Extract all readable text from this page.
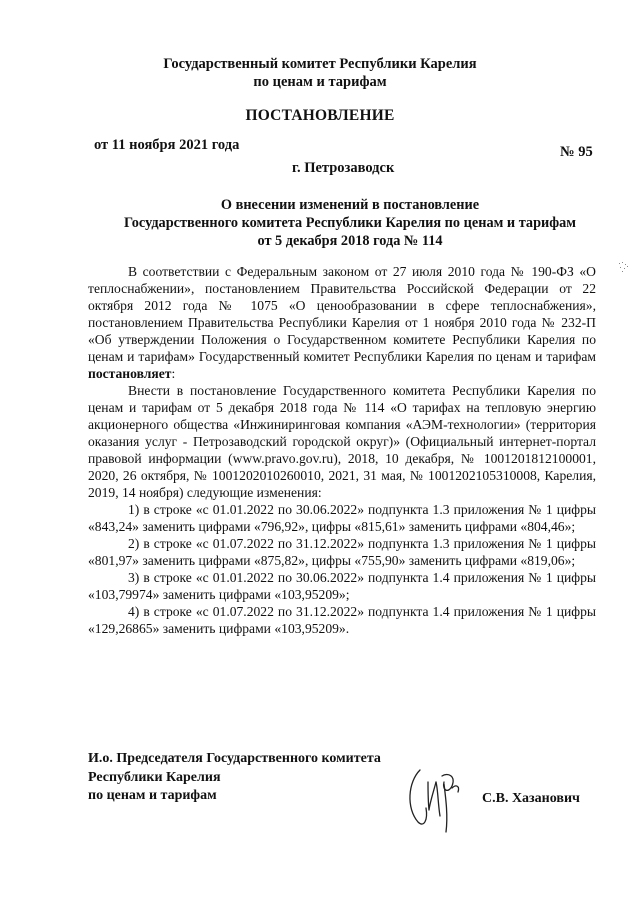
Государственный комитет Республики Карелия
по ценам и тарифам
ПОСТАНОВЛЕНИЕ
от 11 ноября 2021 года	№ 95
г. Петрозаводск
О внесении изменений в постановление
Государственного комитета Республики Карелия по ценам и тарифам
от 5 декабря 2018 года № 114

В соответствии с Федеральным законом от 27 июля 2010 года № 190-ФЗ «О теплоснабжении», постановлением Правительства Российской Федерации от 22 октября 2012 года № 1075 «О ценообразовании в сфере теплоснабжения», постановлением Правительства Республики Карелия от 1 ноября 2010 года № 232-П «Об утверждении Положения о Государственном комитете Республики Карелия по ценам и тарифам» Государственный комитет Республики Карелия по ценам и тарифам постановляет:

Внести в постановление Государственного комитета Республики Карелия по ценам и тарифам от 5 декабря 2018 года № 114 «О тарифах на тепловую энергию акционерного общества «Инжиниринговая компания «АЭМ-технологии» (территория оказания услуг - Петрозаводский городской округ)» (Официальный интернет-портал правовой информации (www.pravo.gov.ru), 2018, 10 декабря, № 1001201812100001, 2020, 26 октября, № 1001202010260010, 2021, 31 мая, № 1001202105310008, Карелия, 2019, 14 ноября) следующие изменения:

1) в строке «с 01.01.2022 по 30.06.2022» подпункта 1.3 приложения № 1 цифры «843,24» заменить цифрами «796,92», цифры «815,61» заменить цифрами «804,46»;

2) в строке «с 01.07.2022 по 31.12.2022» подпункта 1.3 приложения № 1 цифры «801,97» заменить цифрами «875,82», цифры «755,90» заменить цифрами «819,06»;

3) в строке «с 01.01.2022 по 30.06.2022» подпункта 1.4 приложения № 1 цифры «103,79974» заменить цифрами «103,95209»;

4) в строке «с 01.07.2022 по 31.12.2022» подпункта 1.4 приложения № 1 цифры «129,26865» заменить цифрами «103,95209».

И.о. Председателя Государственного комитета
Республики Карелия
по ценам и тарифам	С.В. Хазанович
